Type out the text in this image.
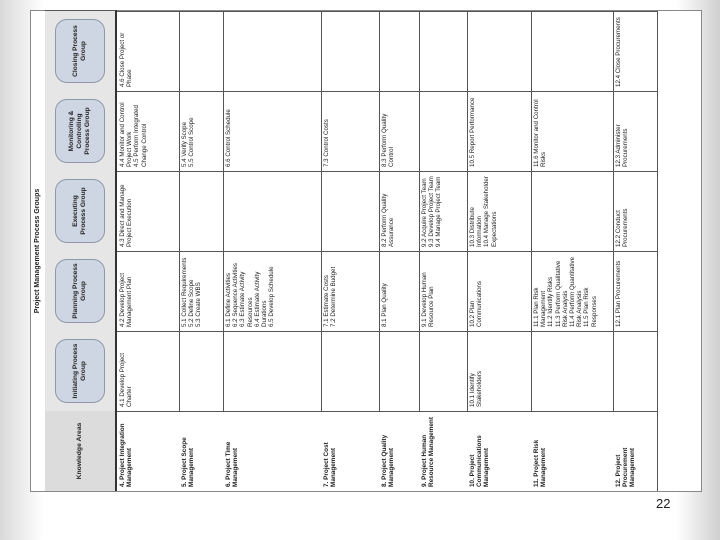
Project Management Process Groups
Knowledge Areas
Initiating Process Group
Planning Process Group
Executing Process Group
Monitoring & Controlling Process Group
Closing Process Group
4. Project Integration Management
4.1 Develop Project Charter
4.2 Develop Project Management Plan
4.3 Direct and Manage Project Execution
4.4 Monitor and Control Project Work
4.5 Perform Integrated Change Control
4.6 Close Project or Phase
5. Project Scope Management
5.1 Collect Requirements
5.2 Define Scope
5.3 Create WBS
5.4 Verify Scope
5.5 Control Scope
6. Project Time Management
6.1 Define Activities
6.2 Sequence Activities
6.3 Estimate Activity Resources
6.4 Estimate Activity Durations
6.5 Develop Schedule
6.6 Control Schedule
7. Project Cost Management
7.1 Estimate Costs
7.2 Determine Budget
7.3 Control Costs
8. Project Quality Management
8.1 Plan Quality
8.2 Perform Quality Assurance
8.3 Perform Quality Control
9. Project Human Resource Management
9.1 Develop Human Resource Plan
9.2 Acquire Project Team
9.3 Develop Project Team
9.4 Manage Project Team
10. Project Communications Management
10.1 Identify Stakeholders
10.2 Plan Communications
10.3 Distribute Information
10.4 Manage Stakeholder Expectations
10.5 Report Performance
11. Project Risk Management
11.1 Plan Risk Management
11.2 Identify Risks
11.3 Perform Qualitative Risk Analysis
11.4 Perform Quantitative Risk Analysis
11.5 Plan Risk Responses
11.6 Monitor and Control Risks
12. Project Procurement Management
12.1 Plan Procurements
12.2 Conduct Procurements
12.3 Administer Procurements
12.4 Close Procurements
22
